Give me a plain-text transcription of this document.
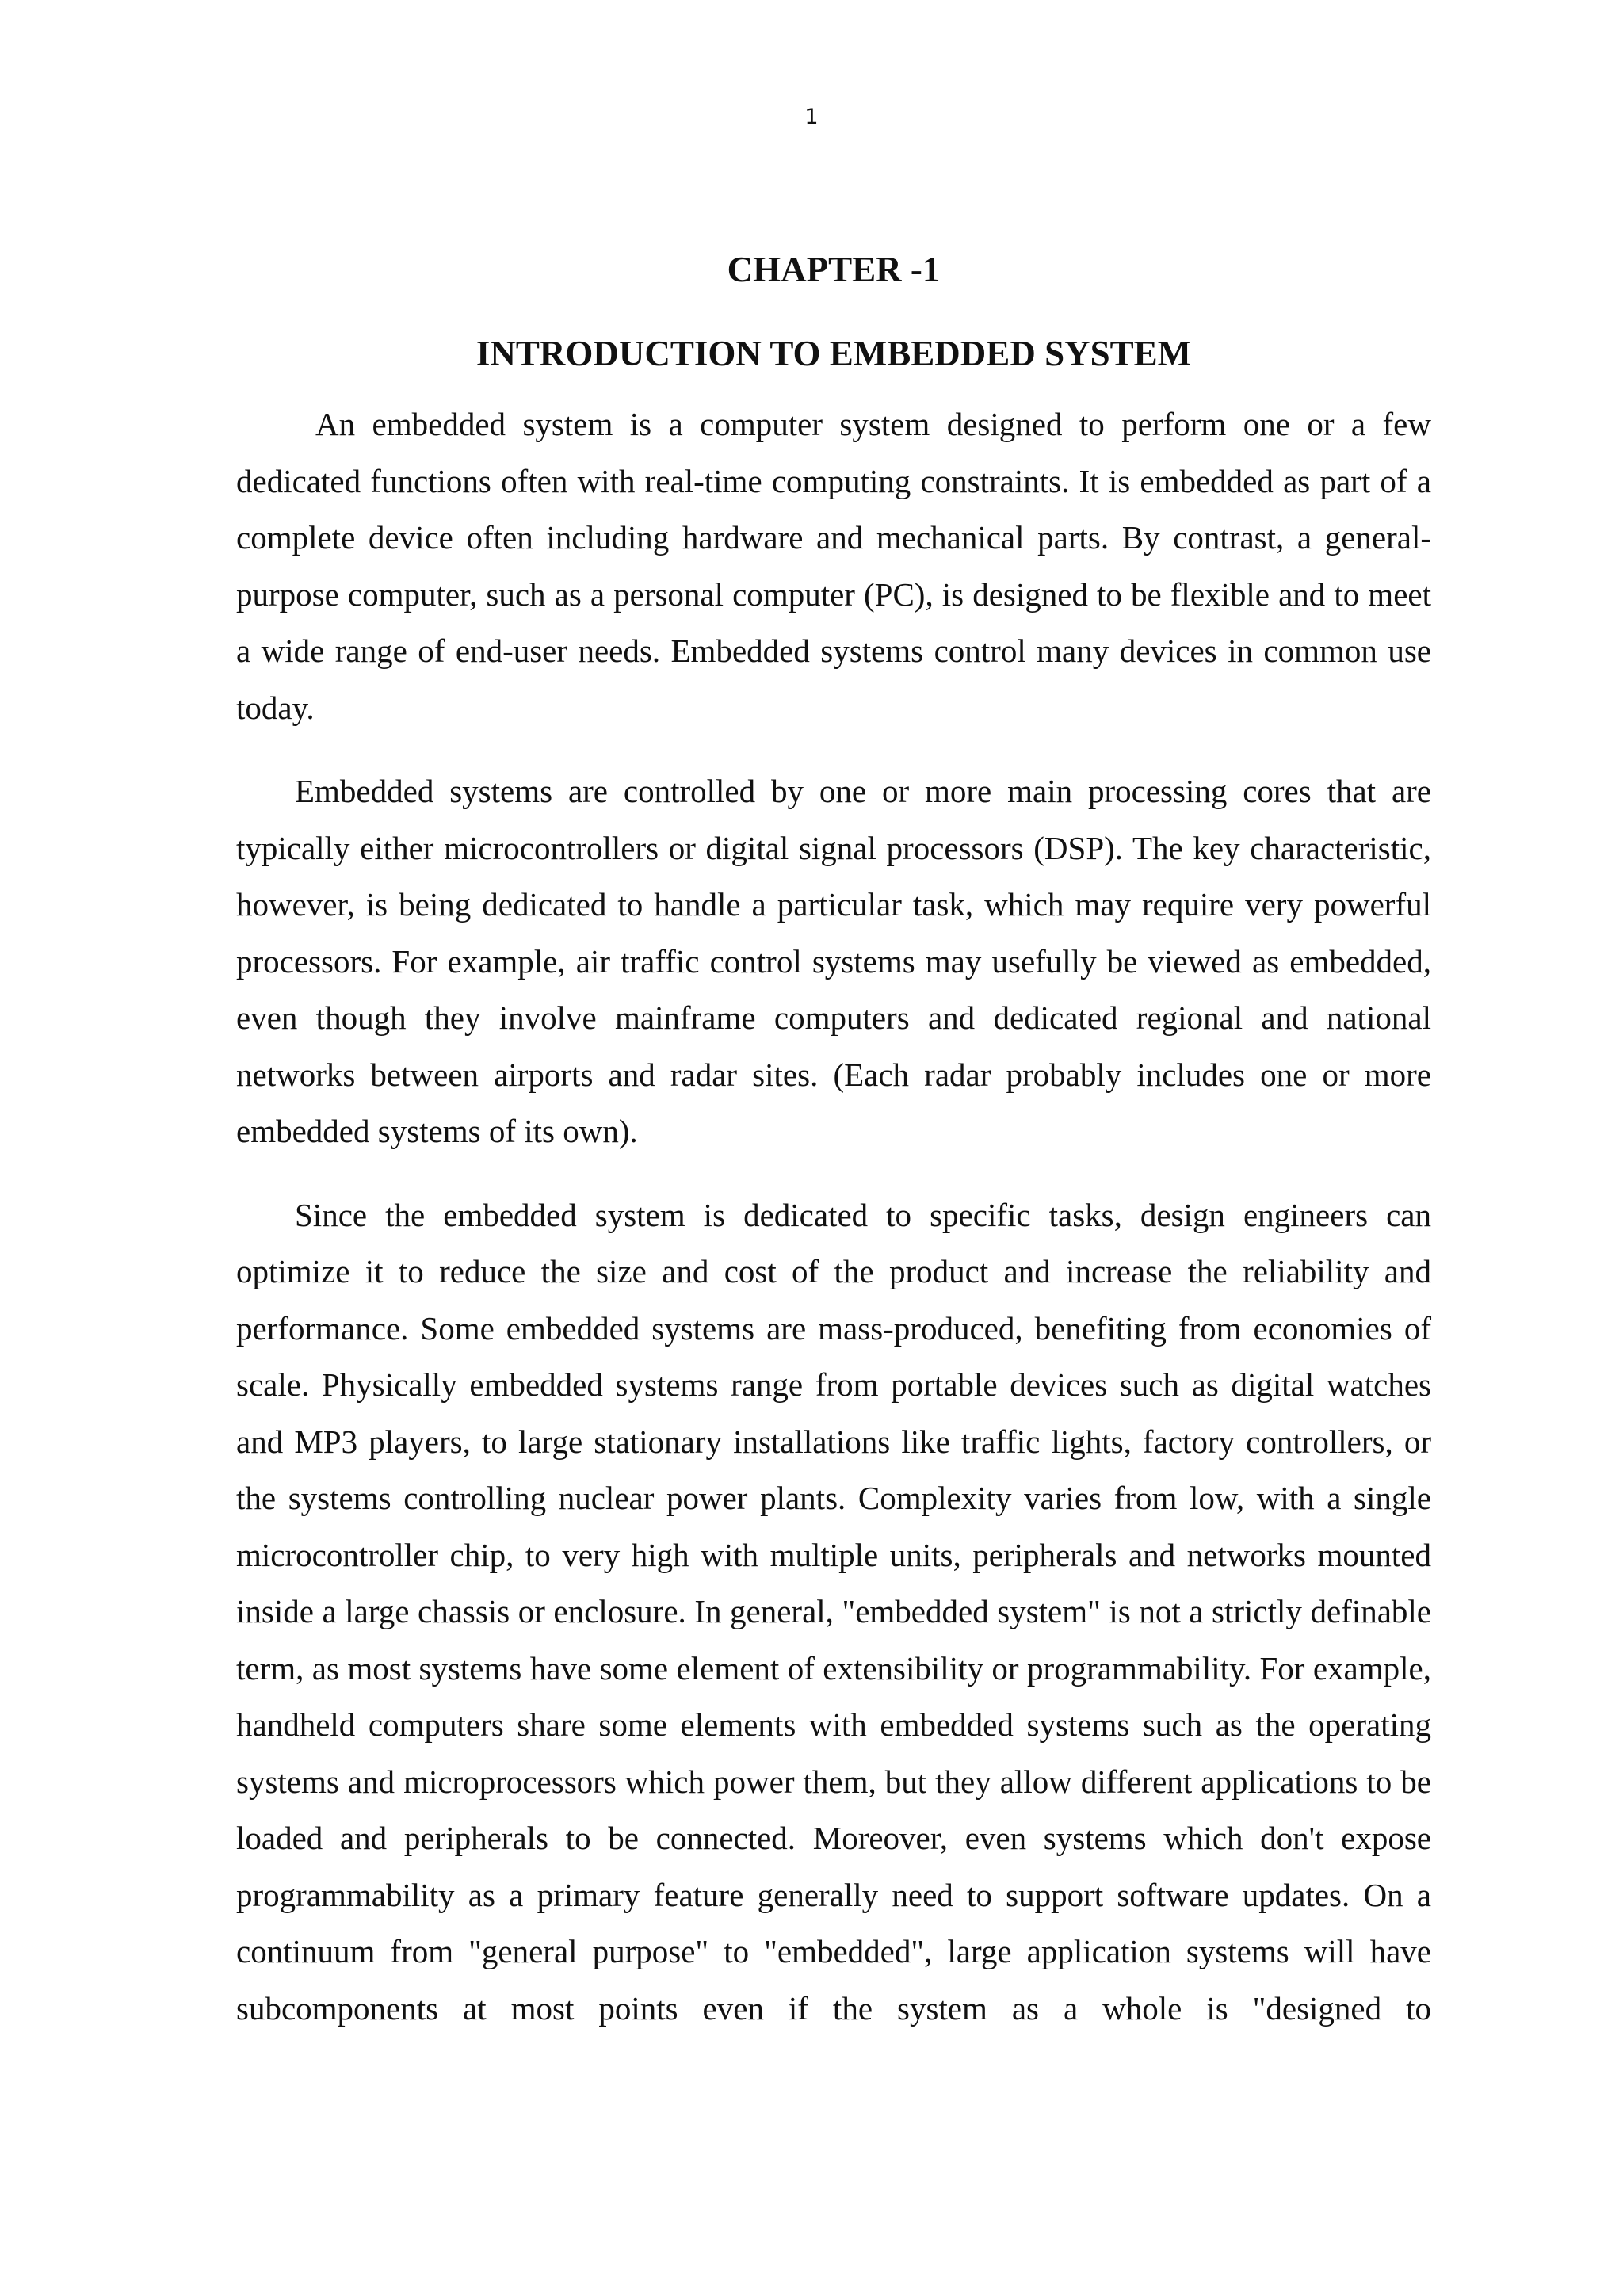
1
CHAPTER -1
INTRODUCTION TO EMBEDDED SYSTEM

An embedded system is a computer system designed to perform one or a few dedicated functions often with real-time computing constraints. It is embedded as part of a complete device often including hardware and mechanical parts. By contrast, a general-purpose computer, such as a personal computer (PC), is designed to be flexible and to meet a wide range of end-user needs. Embedded systems control many devices in common use today.

Embedded systems are controlled by one or more main processing cores that are typically either microcontrollers or digital signal processors (DSP). The key characteristic, however, is being dedicated to handle a particular task, which may require very powerful processors. For example, air traffic control systems may usefully be viewed as embedded, even though they involve mainframe computers and dedicated regional and national networks between airports and radar sites. (Each radar probably includes one or more embedded systems of its own).

Since the embedded system is dedicated to specific tasks, design engineers can optimize it to reduce the size and cost of the product and increase the reliability and performance. Some embedded systems are mass-produced, benefiting from economies of scale. Physically embedded systems range from portable devices such as digital watches and MP3 players, to large stationary installations like traffic lights, factory controllers, or the systems controlling nuclear power plants. Complexity varies from low, with a single microcontroller chip, to very high with multiple units, peripherals and networks mounted inside a large chassis or enclosure. In general, "embedded system" is not a strictly definable term, as most systems have some element of extensibility or programmability. For example, handheld computers share some elements with embedded systems such as the operating systems and microprocessors which power them, but they allow different applications to be loaded and peripherals to be connected. Moreover, even systems which don't expose programmability as a primary feature generally need to support software updates. On a continuum from "general purpose" to "embedded", large application systems will have subcomponents at most points even if the system as a whole is "designed to
